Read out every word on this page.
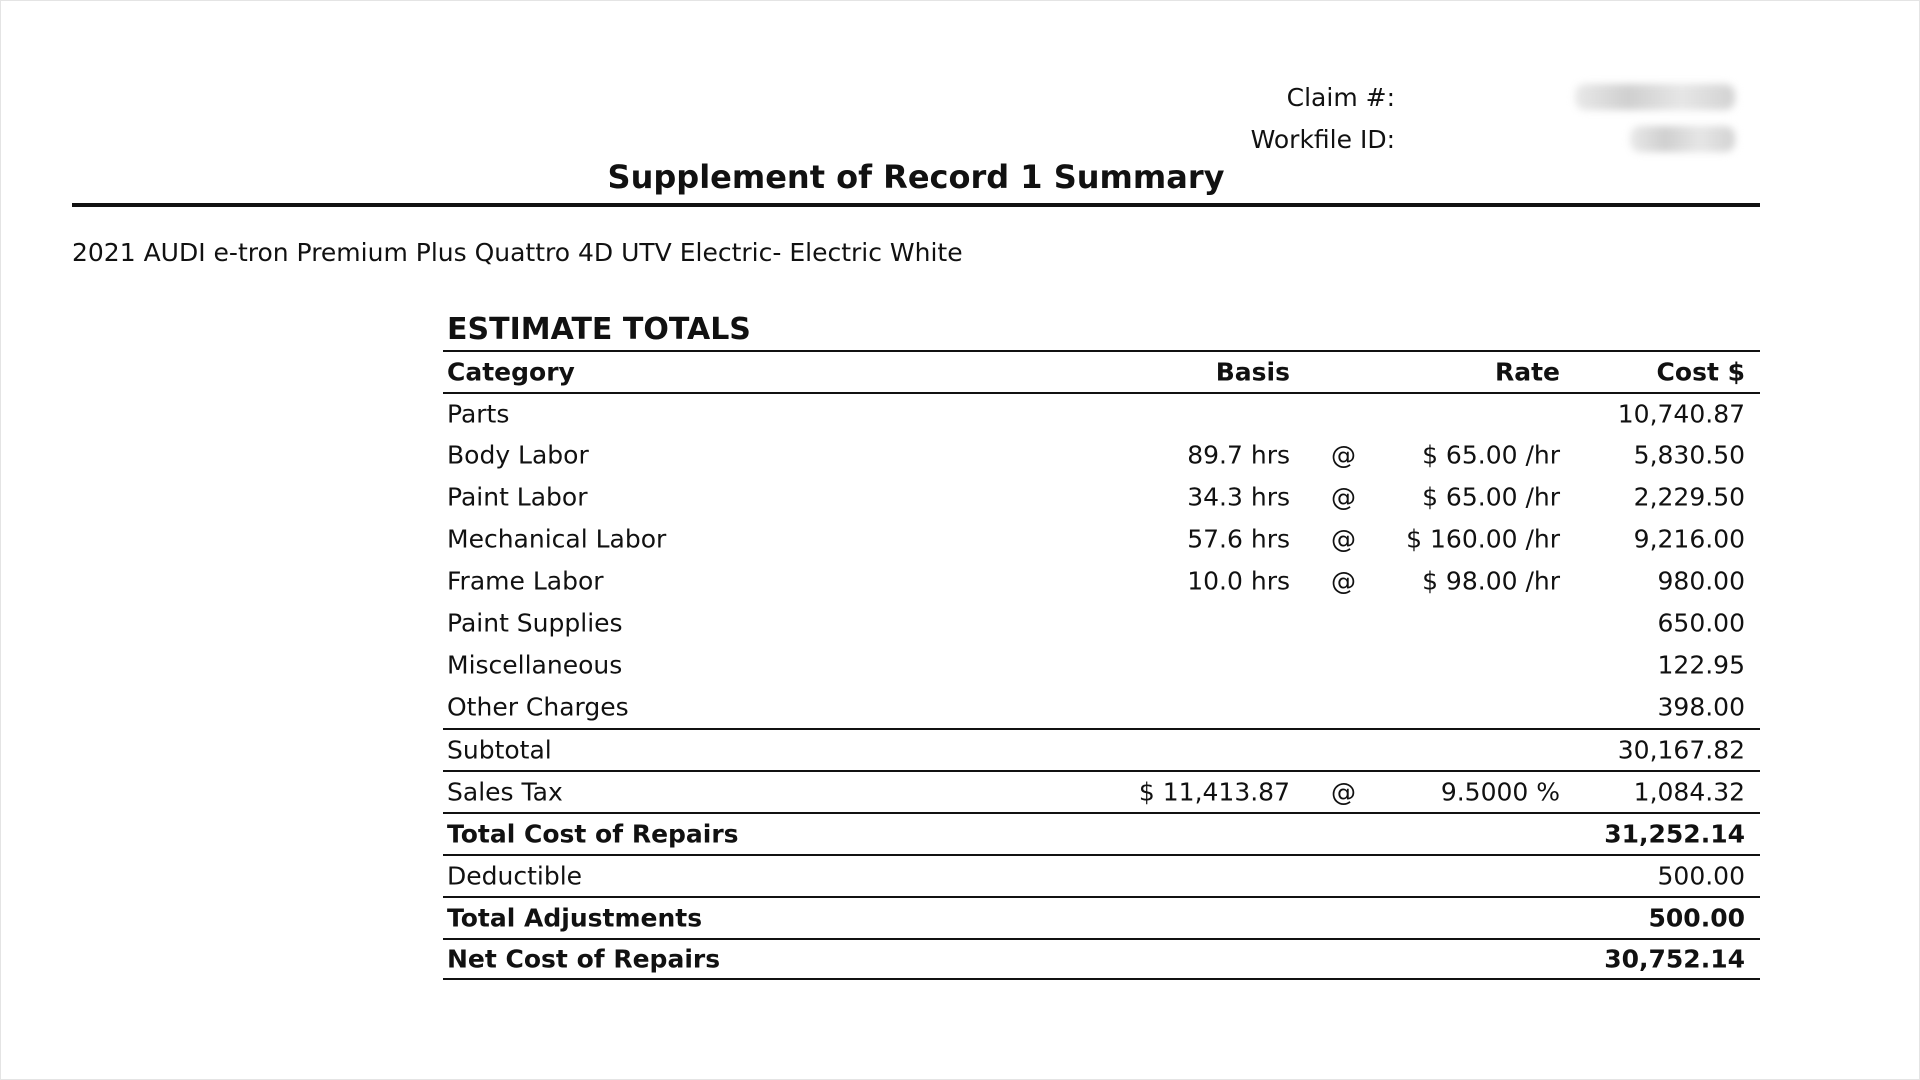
Claim #:
Workfile ID:
Supplement of Record 1 Summary
2021 AUDI e-tron Premium Plus Quattro 4D UTV Electric- Electric White
ESTIMATE TOTALS
Category	Basis	Rate	Cost $
Parts	10,740.87
Body Labor	89.7 hrs @	$ 65.00 /hr	5,830.50
Paint Labor	34.3 hrs @	$ 65.00 /hr	2,229.50
Mechanical Labor	57.6 hrs @ $ 160.00 /hr	9,216.00
Frame Labor	10.0 hrs @	$ 98.00 /hr	980.00
Paint Supplies	650.00
Miscellaneous	122.95
Other Charges	398.00
Subtotal	30,167.82
Sales Tax	$ 11,413.87 @	9.5000 %	1,084.32
Total Cost of Repairs	31,252.14
Deductible	500.00
Total Adjustments	500.00
Net Cost of Repairs	30,752.14
